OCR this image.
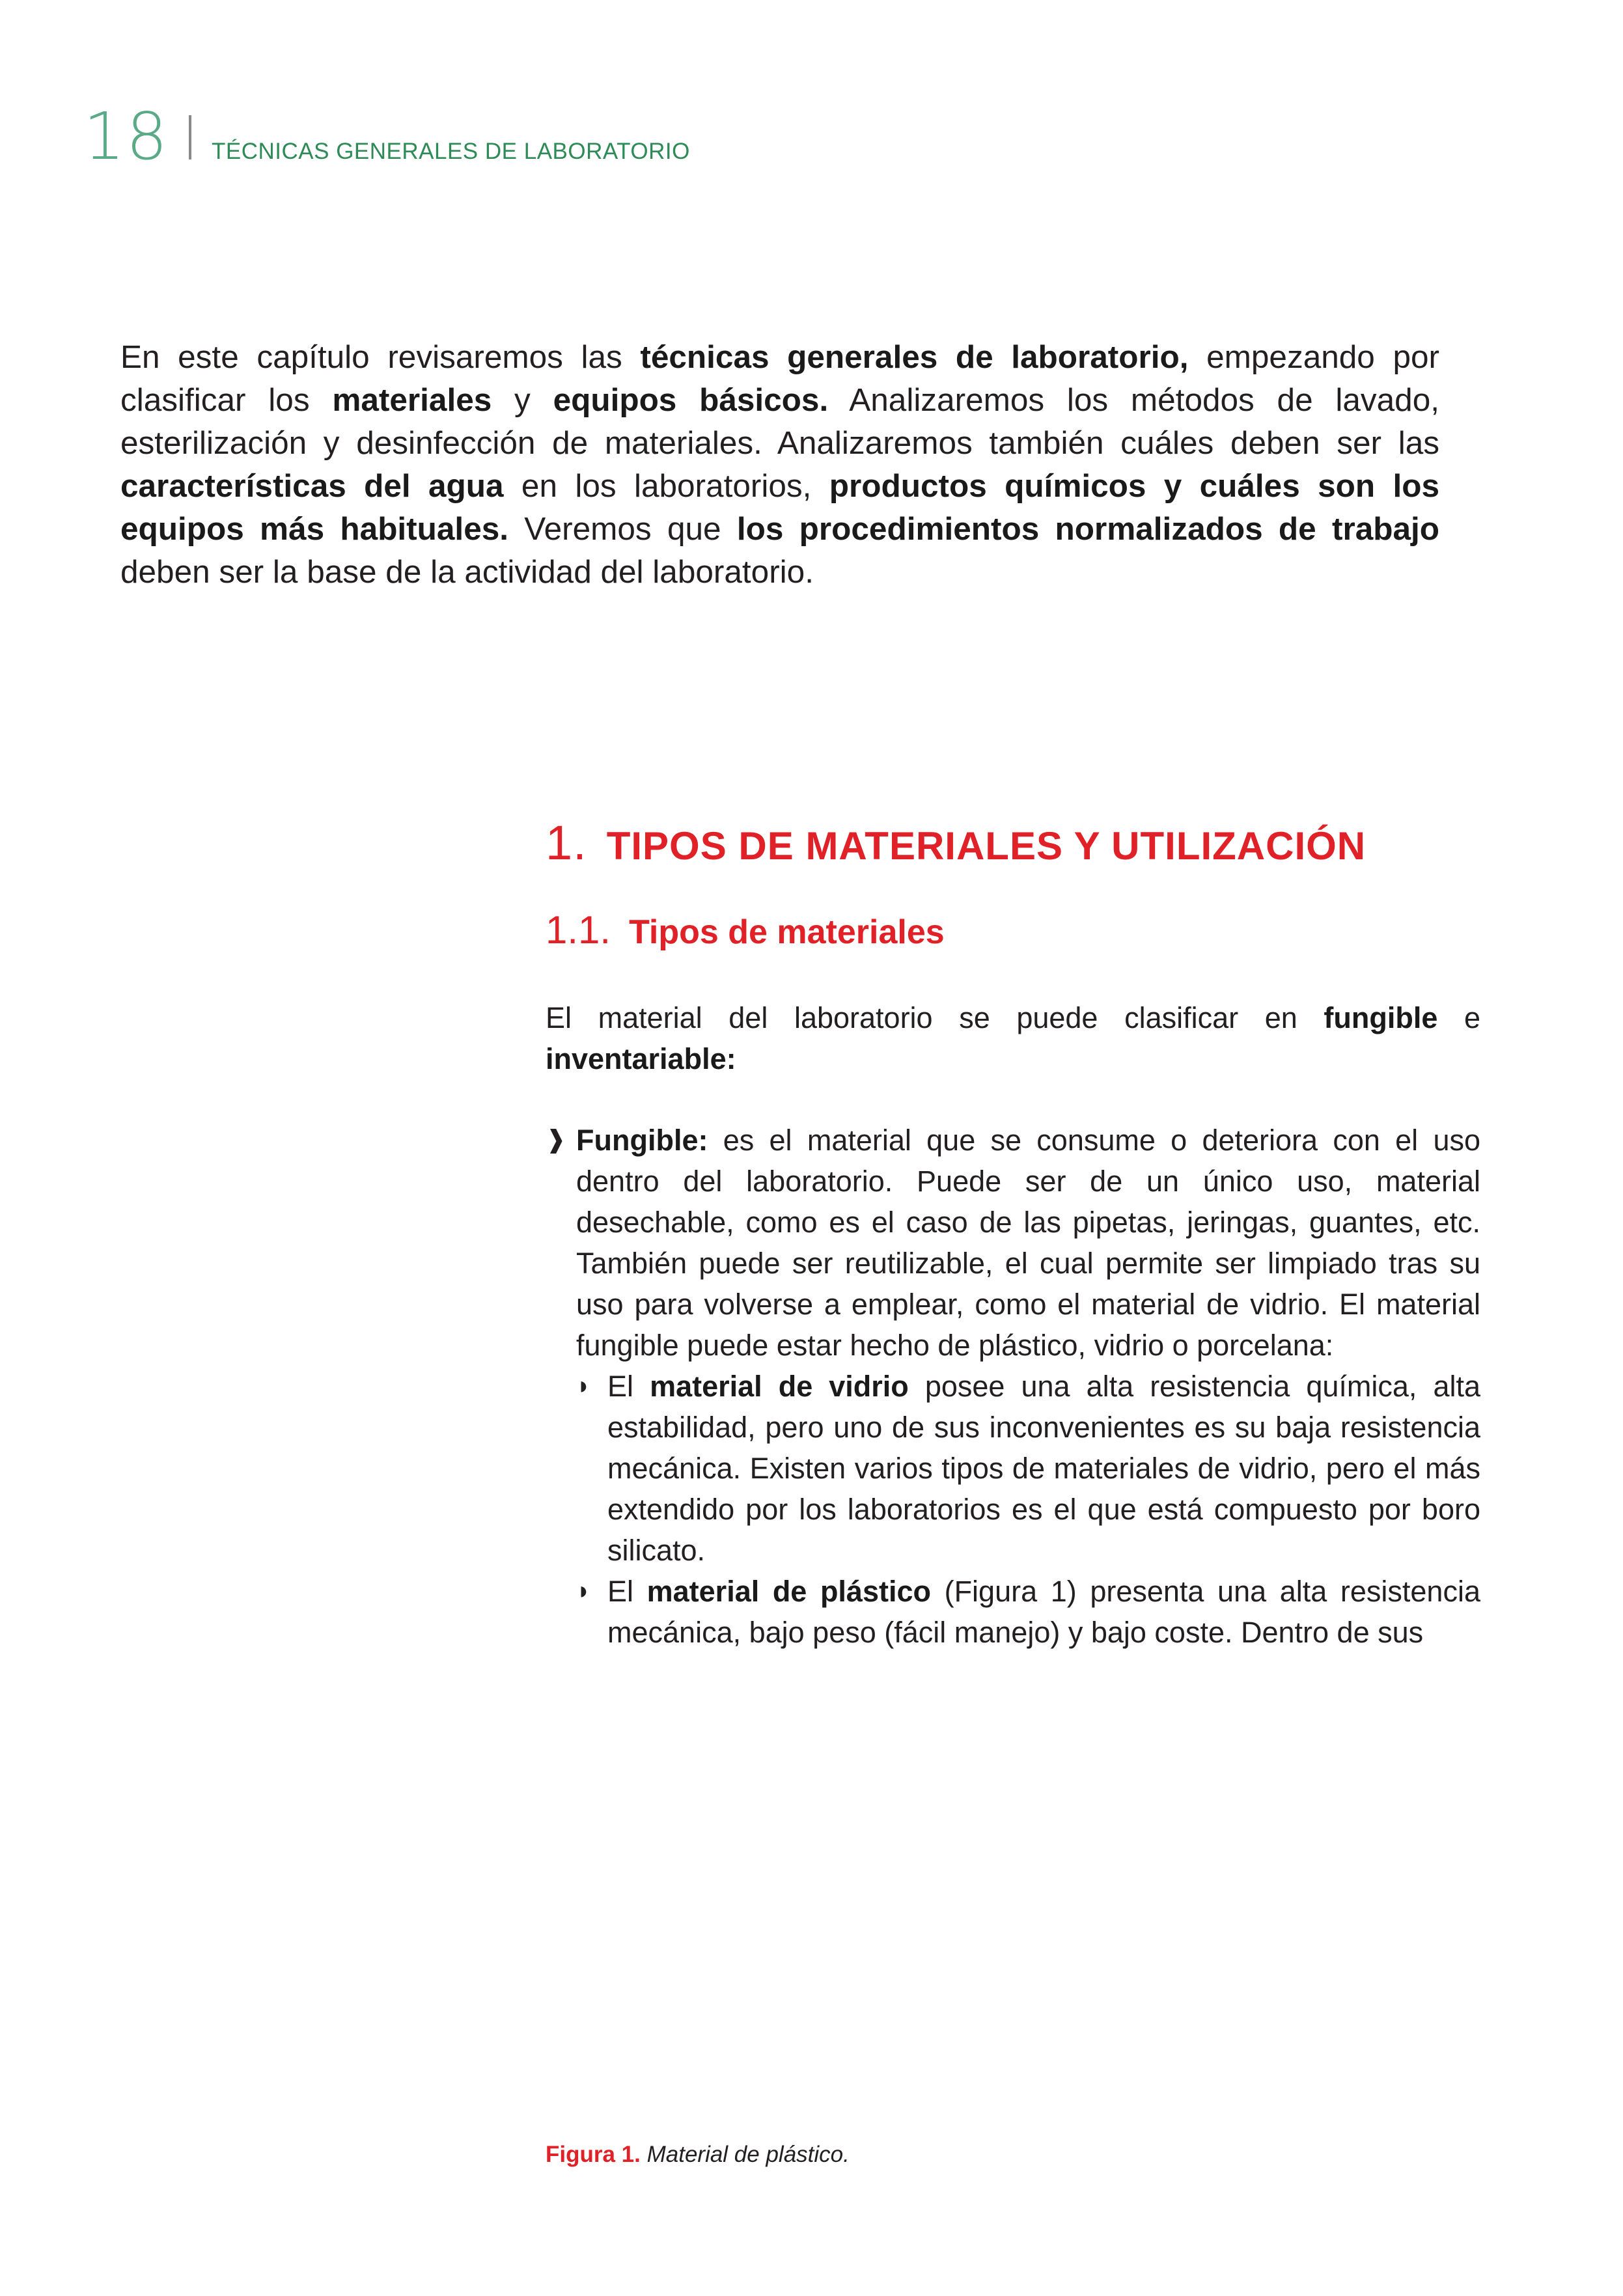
18 TÉCNICAS GENERALES DE LABORATORIO

En este capítulo revisaremos las técnicas generales de laboratorio, empezando por clasificar los materiales y equipos básicos. Analizaremos los métodos de lavado, esterilización y desinfección de materiales. Analizaremos también cuáles deben ser las características del agua en los laboratorios, productos químicos y cuáles son los equipos más habituales. Veremos que los procedimientos normalizados de trabajo deben ser la base de la actividad del laboratorio.

1. TIPOS DE MATERIALES Y UTILIZACIÓN
1.1. Tipos de materiales

El material del laboratorio se puede clasificar en fungible e inventariable:

❱ Fungible: es el material que se consume o deteriora con el uso dentro del laboratorio. Puede ser de un único uso, material desechable, como es el caso de las pipetas, jeringas, guantes, etc. También puede ser reutilizable, el cual permite ser limpiado tras su uso para volverse a emplear, como el material de vidrio. El material fungible puede estar hecho de plástico, vidrio o porcelana:
◗ El material de vidrio posee una alta resistencia química, alta estabilidad, pero uno de sus inconvenientes es su baja resistencia mecánica. Existen varios tipos de materiales de vidrio, pero el más extendido por los laboratorios es el que está compuesto por boro silicato.
◗ El material de plástico (Figura 1) presenta una alta resistencia mecánica, bajo peso (fácil manejo) y bajo coste. Dentro de sus
Figura 1. Material de plástico.
